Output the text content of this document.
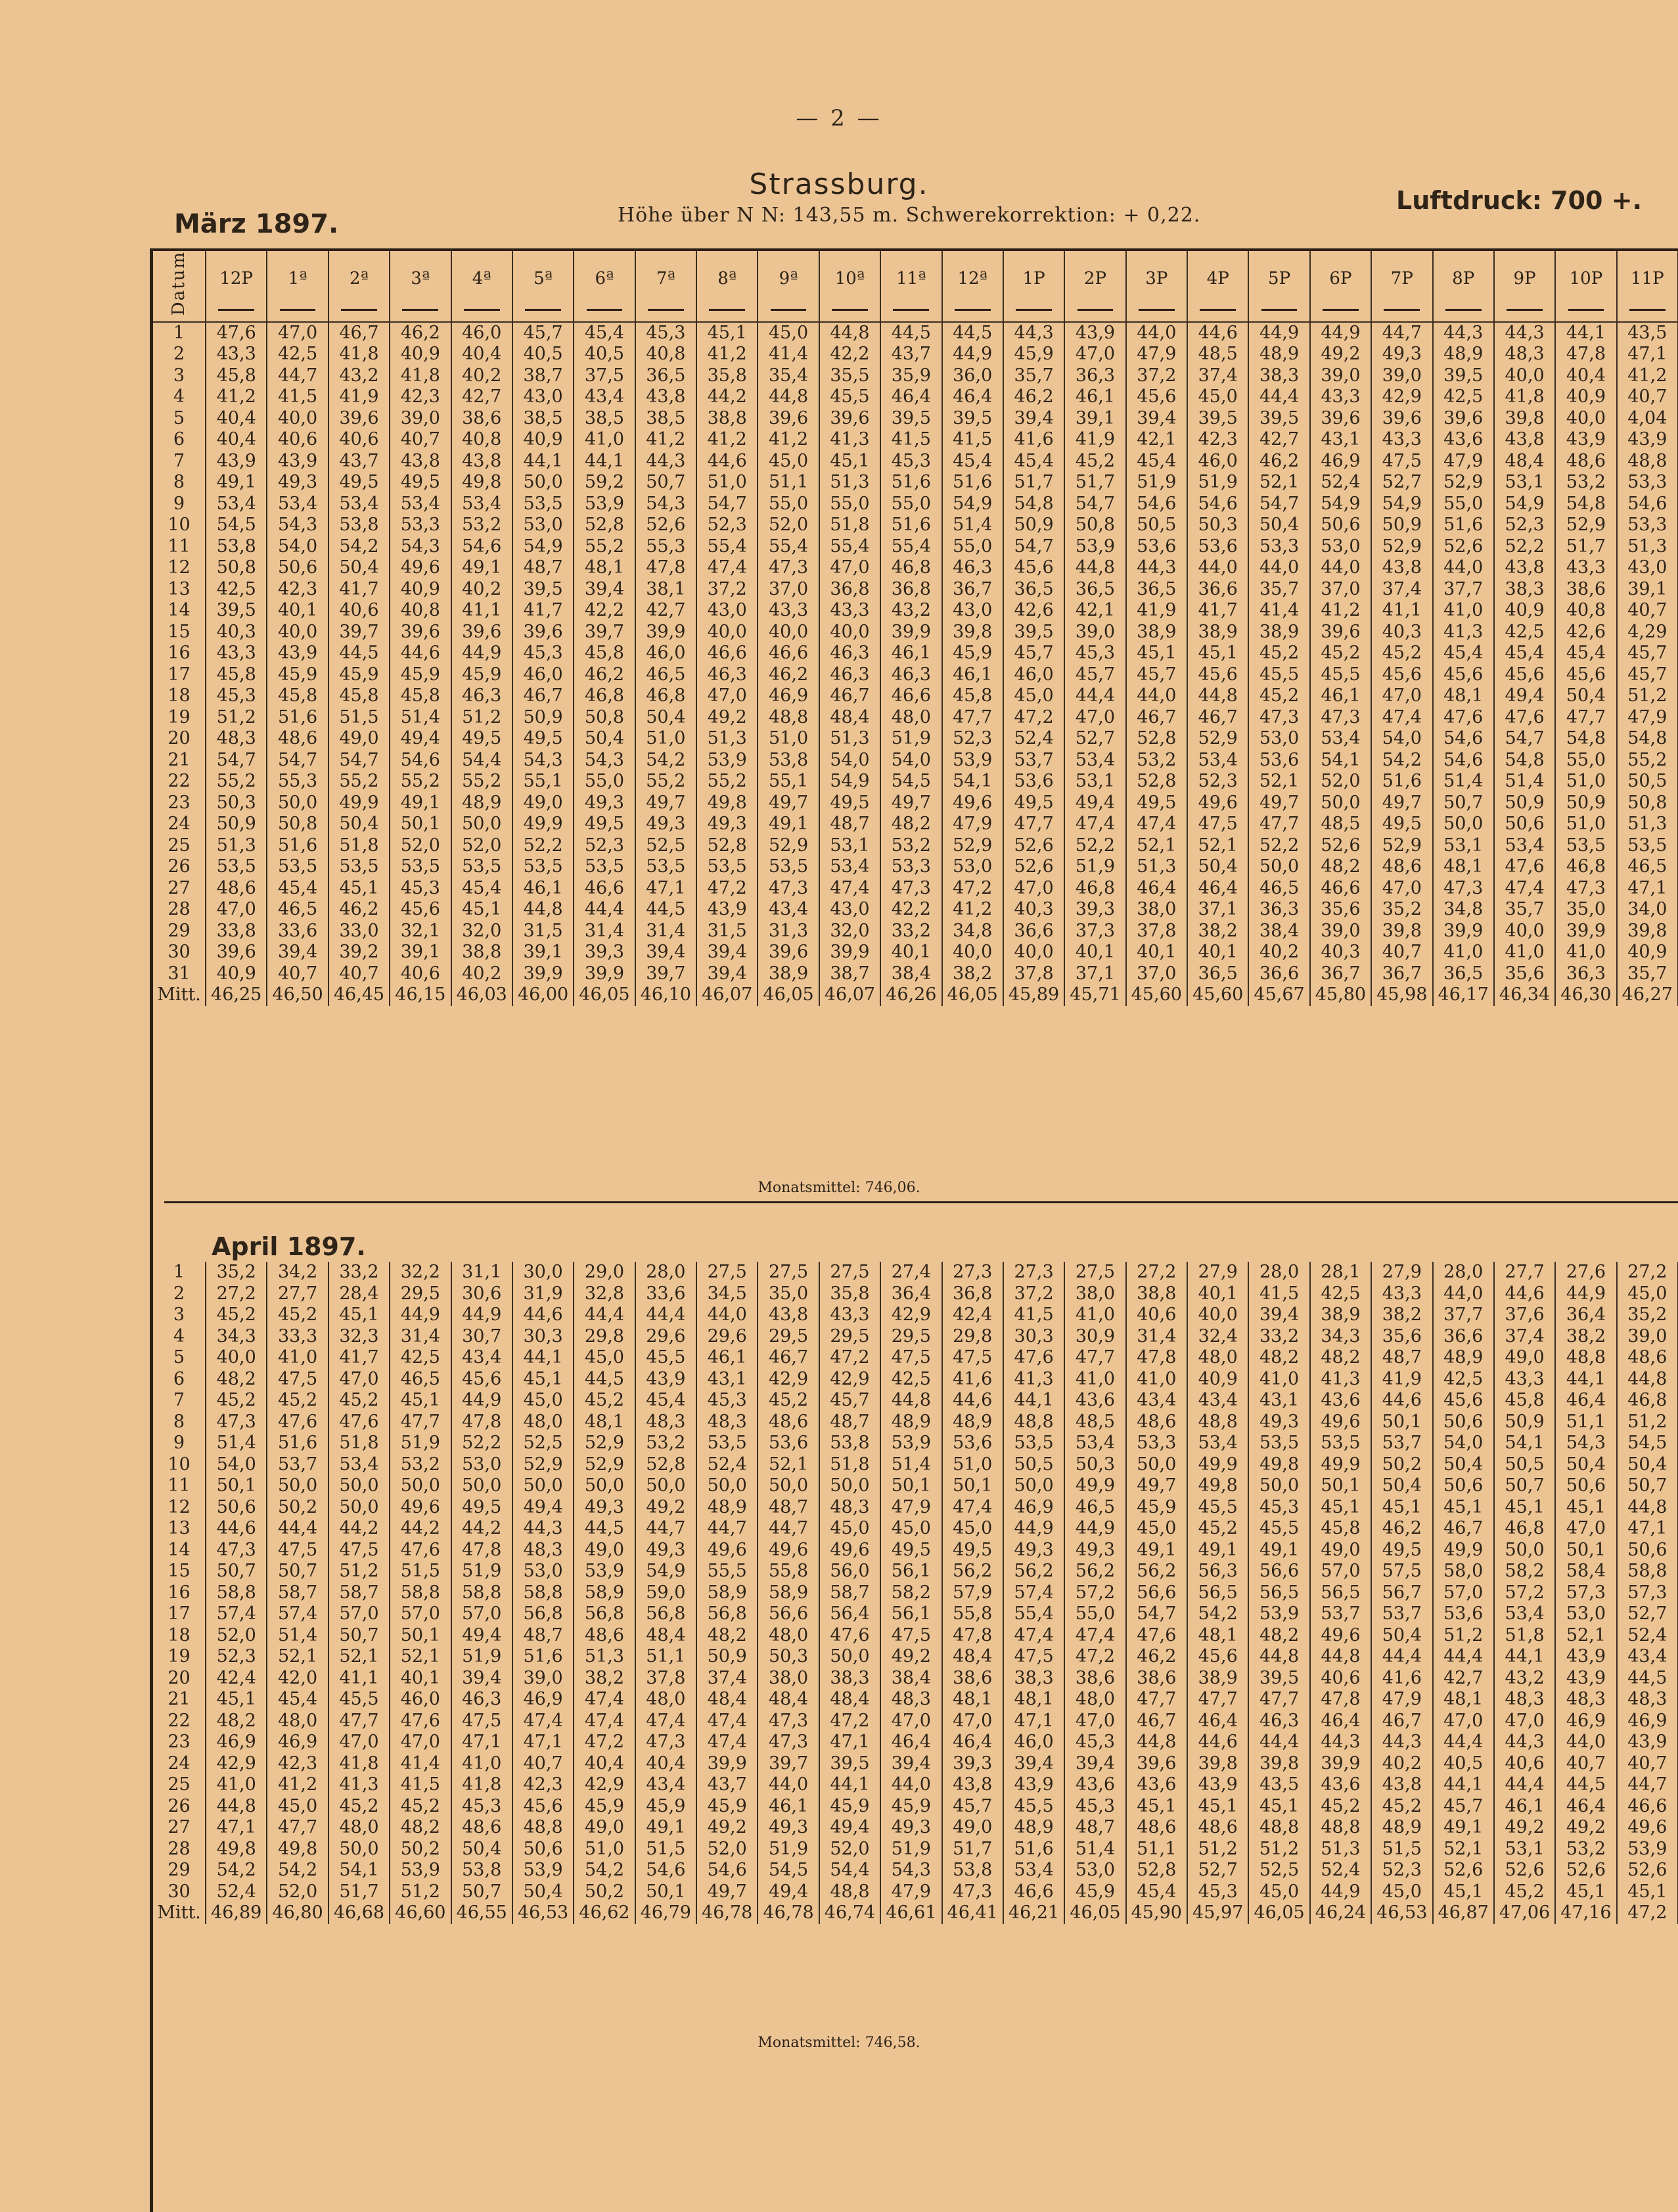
— 2 —
Strassburg.
März 1897.	Höhe über N N: 143,55 m. Schwerekorrektion: + 0,22.
Luftdruck: 700 +.
Datum	12P	1ª	2ª	3ª	4ª	5ª	6ª	7ª	8ª	9ª	10ª	11ª	12ª	1P	2P	3P	4P	5P	6P	7P	8P	9P	10P	11P

1	47,6	47,0	46,7	46,2	46,0	45,7	45,4	45,3	45,1	45,0	44,8	44,5	44,5	44,3	43,9	44,0	44,6	44,9	44,9	44,7	44,3	44,3	44,1	43,5
2	43,3	42,5	41,8	40,9	40,4	40,5	40,5	40,8	41,2	41,4	42,2	43,7	44,9	45,9	47,0	47,9	48,5	48,9	49,2	49,3	48,9	48,3	47,8	47,1
3	45,8	44,7	43,2	41,8	40,2	38,7	37,5	36,5	35,8	35,4	35,5	35,9	36,0	35,7	36,3	37,2	37,4	38,3	39,0	39,0	39,5	40,0	40,4	41,2
4	41,2	41,5	41,9	42,3	42,7	43,0	43,4	43,8	44,2	44,8	45,5	46,4	46,4	46,2	46,1	45,6	45,0	44,4	43,3	42,9	42,5	41,8	40,9	40,7
5	40,4	40,0	39,6	39,0	38,6	38,5	38,5	38,5	38,8	39,6	39,6	39,5	39,5	39,4	39,1	39,4	39,5	39,5	39,6	39,6	39,6	39,8	40,0	4,04
6	40,4	40,6	40,6	40,7	40,8	40,9	41,0	41,2	41,2	41,2	41,3	41,5	41,5	41,6	41,9	42,1	42,3	42,7	43,1	43,3	43,6	43,8	43,9	43,9
7	43,9	43,9	43,7	43,8	43,8	44,1	44,1	44,3	44,6	45,0	45,1	45,3	45,4	45,4	45,2	45,4	46,0	46,2	46,9	47,5	47,9	48,4	48,6	48,8
8	49,1	49,3	49,5	49,5	49,8	50,0	59,2	50,7	51,0	51,1	51,3	51,6	51,6	51,7	51,7	51,9	51,9	52,1	52,4	52,7	52,9	53,1	53,2	53,3
9	53,4	53,4	53,4	53,4	53,4	53,5	53,9	54,3	54,7	55,0	55,0	55,0	54,9	54,8	54,7	54,6	54,6	54,7	54,9	54,9	55,0	54,9	54,8	54,6
10	54,5	54,3	53,8	53,3	53,2	53,0	52,8	52,6	52,3	52,0	51,8	51,6	51,4	50,9	50,8	50,5	50,3	50,4	50,6	50,9	51,6	52,3	52,9	53,3
11	53,8	54,0	54,2	54,3	54,6	54,9	55,2	55,3	55,4	55,4	55,4	55,4	55,0	54,7	53,9	53,6	53,6	53,3	53,0	52,9	52,6	52,2	51,7	51,3
12	50,8	50,6	50,4	49,6	49,1	48,7	48,1	47,8	47,4	47,3	47,0	46,8	46,3	45,6	44,8	44,3	44,0	44,0	44,0	43,8	44,0	43,8	43,3	43,0
13	42,5	42,3	41,7	40,9	40,2	39,5	39,4	38,1	37,2	37,0	36,8	36,8	36,7	36,5	36,5	36,5	36,6	35,7	37,0	37,4	37,7	38,3	38,6	39,1
14	39,5	40,1	40,6	40,8	41,1	41,7	42,2	42,7	43,0	43,3	43,3	43,2	43,0	42,6	42,1	41,9	41,7	41,4	41,2	41,1	41,0	40,9	40,8	40,7
15	40,3	40,0	39,7	39,6	39,6	39,6	39,7	39,9	40,0	40,0	40,0	39,9	39,8	39,5	39,0	38,9	38,9	38,9	39,6	40,3	41,3	42,5	42,6	4,29
16	43,3	43,9	44,5	44,6	44,9	45,3	45,8	46,0	46,6	46,6	46,3	46,1	45,9	45,7	45,3	45,1	45,1	45,2	45,2	45,2	45,4	45,4	45,4	45,7
17	45,8	45,9	45,9	45,9	45,9	46,0	46,2	46,5	46,3	46,2	46,3	46,3	46,1	46,0	45,7	45,7	45,6	45,5	45,5	45,6	45,6	45,6	45,6	45,7
18	45,3	45,8	45,8	45,8	46,3	46,7	46,8	46,8	47,0	46,9	46,7	46,6	45,8	45,0	44,4	44,0	44,8	45,2	46,1	47,0	48,1	49,4	50,4	51,2
19	51,2	51,6	51,5	51,4	51,2	50,9	50,8	50,4	49,2	48,8	48,4	48,0	47,7	47,2	47,0	46,7	46,7	47,3	47,3	47,4	47,6	47,6	47,7	47,9
20	48,3	48,6	49,0	49,4	49,5	49,5	50,4	51,0	51,3	51,0	51,3	51,9	52,3	52,4	52,7	52,8	52,9	53,0	53,4	54,0	54,6	54,7	54,8	54,8
21	54,7	54,7	54,7	54,6	54,4	54,3	54,3	54,2	53,9	53,8	54,0	54,0	53,9	53,7	53,4	53,2	53,4	53,6	54,1	54,2	54,6	54,8	55,0	55,2
22	55,2	55,3	55,2	55,2	55,2	55,1	55,0	55,2	55,2	55,1	54,9	54,5	54,1	53,6	53,1	52,8	52,3	52,1	52,0	51,6	51,4	51,4	51,0	50,5
23	50,3	50,0	49,9	49,1	48,9	49,0	49,3	49,7	49,8	49,7	49,5	49,7	49,6	49,5	49,4	49,5	49,6	49,7	50,0	49,7	50,7	50,9	50,9	50,8
24	50,9	50,8	50,4	50,1	50,0	49,9	49,5	49,3	49,3	49,1	48,7	48,2	47,9	47,7	47,4	47,4	47,5	47,7	48,5	49,5	50,0	50,6	51,0	51,3
25	51,3	51,6	51,8	52,0	52,0	52,2	52,3	52,5	52,8	52,9	53,1	53,2	52,9	52,6	52,2	52,1	52,1	52,2	52,6	52,9	53,1	53,4	53,5	53,5
26	53,5	53,5	53,5	53,5	53,5	53,5	53,5	53,5	53,5	53,5	53,4	53,3	53,0	52,6	51,9	51,3	50,4	50,0	48,2	48,6	48,1	47,6	46,8	46,5
27	48,6	45,4	45,1	45,3	45,4	46,1	46,6	47,1	47,2	47,3	47,4	47,3	47,2	47,0	46,8	46,4	46,4	46,5	46,6	47,0	47,3	47,4	47,3	47,1
28	47,0	46,5	46,2	45,6	45,1	44,8	44,4	44,5	43,9	43,4	43,0	42,2	41,2	40,3	39,3	38,0	37,1	36,3	35,6	35,2	34,8	35,7	35,0	34,0
29	33,8	33,6	33,0	32,1	32,0	31,5	31,4	31,4	31,5	31,3	32,0	33,2	34,8	36,6	37,3	37,8	38,2	38,4	39,0	39,8	39,9	40,0	39,9	39,8
30	39,6	39,4	39,2	39,1	38,8	39,1	39,3	39,4	39,4	39,6	39,9	40,1	40,0	40,0	40,1	40,1	40,1	40,2	40,3	40,7	41,0	41,0	41,0	40,9
31	40,9	40,7	40,7	40,6	40,2	39,9	39,9	39,7	39,4	38,9	38,7	38,4	38,2	37,8	37,1	37,0	36,5	36,6	36,7	36,7	36,5	35,6	36,3	35,7
Mitt.	46,25	46,50	46,45	46,15	46,03	46,00	46,05	46,10	46,07	46,05	46,07	46,26	46,05	45,89	45,71	45,60	45,60	45,67	45,80	45,98	46,17	46,34	46,30	46,27
Monatsmittel: 746,06.
April 1897.
1	35,2	34,2	33,2	32,2	31,1	30,0	29,0	28,0	27,5	27,5	27,5	27,4	27,3	27,3	27,5	27,2	27,9	28,0	28,1	27,9	28,0	27,7	27,6	27,2
2	27,2	27,7	28,4	29,5	30,6	31,9	32,8	33,6	34,5	35,0	35,8	36,4	36,8	37,2	38,0	38,8	40,1	41,5	42,5	43,3	44,0	44,6	44,9	45,0
3	45,2	45,2	45,1	44,9	44,9	44,6	44,4	44,4	44,0	43,8	43,3	42,9	42,4	41,5	41,0	40,6	40,0	39,4	38,9	38,2	37,7	37,6	36,4	35,2
4	34,3	33,3	32,3	31,4	30,7	30,3	29,8	29,6	29,6	29,5	29,5	29,5	29,8	30,3	30,9	31,4	32,4	33,2	34,3	35,6	36,6	37,4	38,2	39,0
5	40,0	41,0	41,7	42,5	43,4	44,1	45,0	45,5	46,1	46,7	47,2	47,5	47,5	47,6	47,7	47,8	48,0	48,2	48,2	48,7	48,9	49,0	48,8	48,6
6	48,2	47,5	47,0	46,5	45,6	45,1	44,5	43,9	43,1	42,9	42,9	42,5	41,6	41,3	41,0	41,0	40,9	41,0	41,3	41,9	42,5	43,3	44,1	44,8
7	45,2	45,2	45,2	45,1	44,9	45,0	45,2	45,4	45,3	45,2	45,7	44,8	44,6	44,1	43,6	43,4	43,4	43,1	43,6	44,6	45,6	45,8	46,4	46,8
8	47,3	47,6	47,6	47,7	47,8	48,0	48,1	48,3	48,3	48,6	48,7	48,9	48,9	48,8	48,5	48,6	48,8	49,3	49,6	50,1	50,6	50,9	51,1	51,2
9	51,4	51,6	51,8	51,9	52,2	52,5	52,9	53,2	53,5	53,6	53,8	53,9	53,6	53,5	53,4	53,3	53,4	53,5	53,5	53,7	54,0	54,1	54,3	54,5
10	54,0	53,7	53,4	53,2	53,0	52,9	52,9	52,8	52,4	52,1	51,8	51,4	51,0	50,5	50,3	50,0	49,9	49,8	49,9	50,2	50,4	50,5	50,4	50,4
11	50,1	50,0	50,0	50,0	50,0	50,0	50,0	50,0	50,0	50,0	50,0	50,1	50,1	50,0	49,9	49,7	49,8	50,0	50,1	50,4	50,6	50,7	50,6	50,7
12	50,6	50,2	50,0	49,6	49,5	49,4	49,3	49,2	48,9	48,7	48,3	47,9	47,4	46,9	46,5	45,9	45,5	45,3	45,1	45,1	45,1	45,1	45,1	44,8
13	44,6	44,4	44,2	44,2	44,2	44,3	44,5	44,7	44,7	44,7	45,0	45,0	45,0	44,9	44,9	45,0	45,2	45,5	45,8	46,2	46,7	46,8	47,0	47,1
14	47,3	47,5	47,5	47,6	47,8	48,3	49,0	49,3	49,6	49,6	49,6	49,5	49,5	49,3	49,3	49,1	49,1	49,1	49,0	49,5	49,9	50,0	50,1	50,6
15	50,7	50,7	51,2	51,5	51,9	53,0	53,9	54,9	55,5	55,8	56,0	56,1	56,2	56,2	56,2	56,2	56,3	56,6	57,0	57,5	58,0	58,2	58,4	58,8
16	58,8	58,7	58,7	58,8	58,8	58,8	58,9	59,0	58,9	58,9	58,7	58,2	57,9	57,4	57,2	56,6	56,5	56,5	56,5	56,7	57,0	57,2	57,3	57,3
17	57,4	57,4	57,0	57,0	57,0	56,8	56,8	56,8	56,8	56,6	56,4	56,1	55,8	55,4	55,0	54,7	54,2	53,9	53,7	53,7	53,6	53,4	53,0	52,7
18	52,0	51,4	50,7	50,1	49,4	48,7	48,6	48,4	48,2	48,0	47,6	47,5	47,8	47,4	47,4	47,6	48,1	48,2	49,6	50,4	51,2	51,8	52,1	52,4
19	52,3	52,1	52,1	52,1	51,9	51,6	51,3	51,1	50,9	50,3	50,0	49,2	48,4	47,5	47,2	46,2	45,6	44,8	44,8	44,4	44,4	44,1	43,9	43,4
20	42,4	42,0	41,1	40,1	39,4	39,0	38,2	37,8	37,4	38,0	38,3	38,4	38,6	38,3	38,6	38,6	38,9	39,5	40,6	41,6	42,7	43,2	43,9	44,5
21	45,1	45,4	45,5	46,0	46,3	46,9	47,4	48,0	48,4	48,4	48,4	48,3	48,1	48,1	48,0	47,7	47,7	47,7	47,8	47,9	48,1	48,3	48,3	48,3
22	48,2	48,0	47,7	47,6	47,5	47,4	47,4	47,4	47,4	47,3	47,2	47,0	47,0	47,1	47,0	46,7	46,4	46,3	46,4	46,7	47,0	47,0	46,9	46,9
23	46,9	46,9	47,0	47,0	47,1	47,1	47,2	47,3	47,4	47,3	47,1	46,4	46,4	46,0	45,3	44,8	44,6	44,4	44,3	44,3	44,4	44,3	44,0	43,9
24	42,9	42,3	41,8	41,4	41,0	40,7	40,4	40,4	39,9	39,7	39,5	39,4	39,3	39,4	39,4	39,6	39,8	39,8	39,9	40,2	40,5	40,6	40,7	40,7
25	41,0	41,2	41,3	41,5	41,8	42,3	42,9	43,4	43,7	44,0	44,1	44,0	43,8	43,9	43,6	43,6	43,9	43,5	43,6	43,8	44,1	44,4	44,5	44,7
26	44,8	45,0	45,2	45,2	45,3	45,6	45,9	45,9	45,9	46,1	45,9	45,9	45,7	45,5	45,3	45,1	45,1	45,1	45,2	45,2	45,7	46,1	46,4	46,6
27	47,1	47,7	48,0	48,2	48,6	48,8	49,0	49,1	49,2	49,3	49,4	49,3	49,0	48,9	48,7	48,6	48,6	48,8	48,8	48,9	49,1	49,2	49,2	49,6
28	49,8	49,8	50,0	50,2	50,4	50,6	51,0	51,5	52,0	51,9	52,0	51,9	51,7	51,6	51,4	51,1	51,2	51,2	51,3	51,5	52,1	53,1	53,2	53,9
29	54,2	54,2	54,1	53,9	53,8	53,9	54,2	54,6	54,6	54,5	54,4	54,3	53,8	53,4	53,0	52,8	52,7	52,5	52,4	52,3	52,6	52,6	52,6	52,6
30	52,4	52,0	51,7	51,2	50,7	50,4	50,2	50,1	49,7	49,4	48,8	47,9	47,3	46,6	45,9	45,4	45,3	45,0	44,9	45,0	45,1	45,2	45,1	45,1
Mitt.	46,89	46,80	46,68	46,60	46,55	46,53	46,62	46,79	46,78	46,78	46,74	46,61	46,41	46,21	46,05	45,90	45,97	46,05	46,24	46,53	46,87	47,06	47,16	47,2
Monatsmittel: 746,58.
